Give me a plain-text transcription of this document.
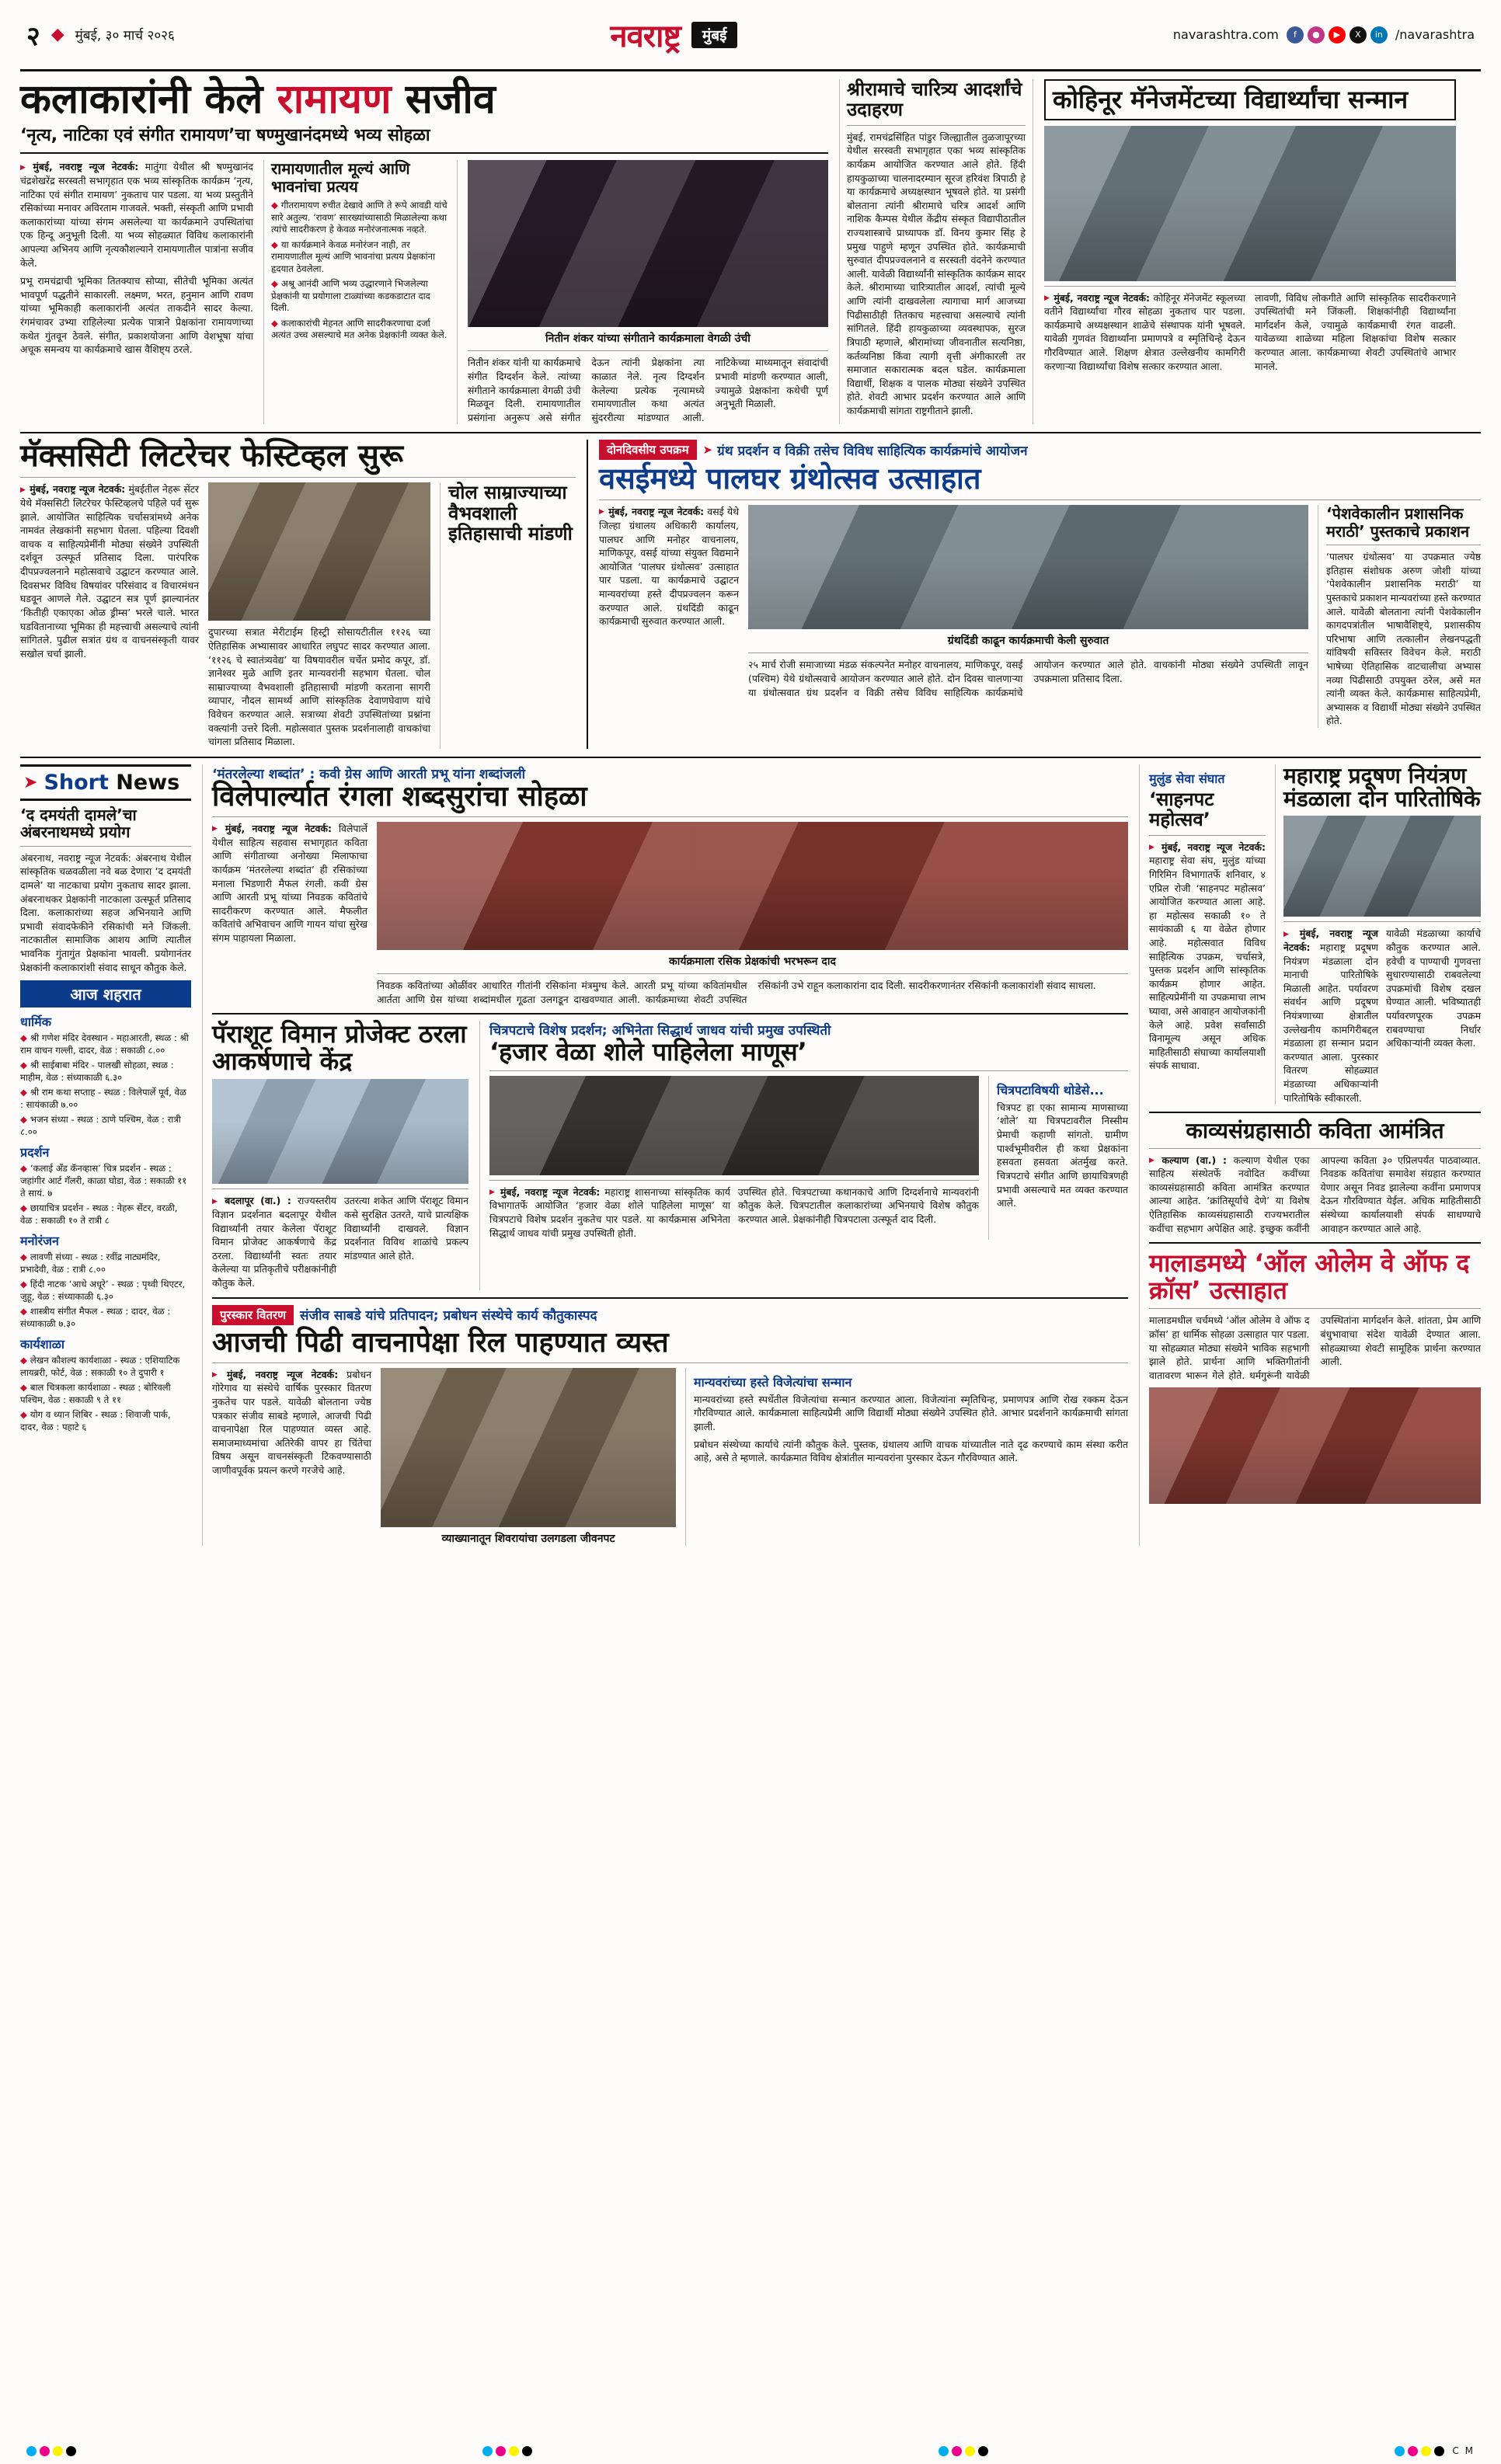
२ ◆ मुंबई, ३० मार्च २०२६	नवराष्ट्र	मुंबई	navarashtra.com	f	●	▶	X	in /navarashtra
कलाकारांनी केले रामायण सजीव
‘नृत्य, नाटिका एवं संगीत रामायण’चा षण्मुखानंदमध्ये भव्य सोहळा
▶ मुंबई, नवराष्ट्र न्यूज नेटवर्क: मातुंगा येथील श्री षण्मुखानंद चंद्रशेखरेंद्र सरस्वती सभागृहात एक भव्य सांस्कृतिक कार्यक्रम ‘नृत्य, नाटिका एवं संगीत रामायण’ नुकताच पार पडला. या भव्य प्रस्तुतीने रसिकांच्या मनावर अविरताम गाजवले. भक्ती, संस्कृती आणि प्रभावी कलाकारांच्या यांच्या संगम असलेल्या या कार्यक्रमाने उपस्थितांचा एक हिन्दू अनुभूती दिली. या भव्य सोहळ्यात विविध कलाकारांनी आपल्या अभिनय आणि नृत्यकौशल्याने रामायणातील पात्रांना सजीव केले.
प्रभू रामचंद्राची भूमिका तितक्याच सोप्या, सीतेची भूमिका अत्यंत भावपूर्ण पद्धतीने साकारली. लक्ष्मण, भरत, हनुमान आणि रावण यांच्या भूमिकाही कलाकारांनी अत्यंत ताकदीने सादर केल्या. रंगमंचावर उभ्या राहिलेल्या प्रत्येक पात्राने प्रेक्षकांना रामायणाच्या कथेत गुंतवून ठेवले. संगीत, प्रकाशयोजना आणि वेशभूषा यांचा अचूक समन्वय या कार्यक्रमाचे खास वैशिष्ट्य ठरले.
रामायणातील मूल्यं आणि भावनांचा प्रत्यय
◆ गीतरामायण रुचीत देखावे आणि ते रूपे आवडी यांचे सारे अतुल्य. ‘रावण’ सारख्यांच्यासाठी मिळालेल्या कथा त्यांचे सादरीकरण हे केवळ मनोरंजनात्मक नव्हते.
◆ या कार्यक्रमाने केवळ मनोरंजन नाही, तर रामायणातील मूल्यं आणि भावनांचा प्रत्यय प्रेक्षकांना हृदयात ठेवलेला.
◆ अश्रू आनंदी आणि भव्य उद्धारणाने भिजलेल्या प्रेक्षकांनी या प्रयोगाला टाळ्यांच्या कडकडाटात दाद दिली.
◆ कलाकारांची मेहनत आणि सादरीकरणाचा दर्जा अत्यंत उच्च असल्याचे मत अनेक प्रेक्षकांनी व्यक्त केले.	नितीन शंकर यांच्या संगीताने कार्यक्रमाला वेगळी उंची
नितीन शंकर यांनी या कार्यक्रमाचे संगीत दिग्दर्शन केले. त्यांच्या संगीताने कार्यक्रमाला वेगळी उंची मिळवून दिली. रामायणातील प्रसंगांना अनुरूप असे संगीत देऊन त्यांनी प्रेक्षकांना त्या काळात नेले. नृत्य दिग्दर्शन केलेल्या प्रत्येक नृत्यामध्ये रामायणातील कथा अत्यंत सुंदररीत्या मांडण्यात आली. नाटिकेच्या माध्यमातून संवादांची प्रभावी मांडणी करण्यात आली, ज्यामुळे प्रेक्षकांना कथेची पूर्ण अनुभूती मिळाली.
श्रीरामाचे चारित्र्य आदर्शांचे उदाहरण
मुंबई, रामचंद्रसिंहित पांडुर जिल्ह्यातील तुळजापूरच्या येथील सरस्वती सभागृहात एका भव्य सांस्कृतिक कार्यक्रम आयोजित करण्यात आले होते. हिंदी हायकुळाच्या चालनादरम्यान सूरज हरिवंश त्रिपाठी हे या कार्यक्रमाचे अध्यक्षस्थान भूषवले होते. या प्रसंगी बोलताना त्यांनी श्रीरामाचे चरित्र आदर्श आणि नाशिक कैम्पस येथील केंद्रीय संस्कृत विद्यापीठातील राज्यशास्त्राचे प्राध्यापक डॉ. विनय कुमार सिंह हे प्रमुख पाहुणे म्हणून उपस्थित होते. कार्यक्रमाची सुरुवात दीपप्रज्वलनाने व सरस्वती वंदनेने करण्यात आली. यावेळी विद्यार्थ्यांनी सांस्कृतिक कार्यक्रम सादर केले. श्रीरामाच्या चारित्र्यातील आदर्श, त्यांची मूल्ये आणि त्यांनी दाखवलेला त्यागाचा मार्ग आजच्या पिढीसाठीही तितकाच महत्त्वाचा असल्याचे त्यांनी सांगितले. हिंदी हायकुळाच्या व्यवस्थापक, सुरज त्रिपाठी म्हणाले, श्रीरामांच्या जीवनातील सत्यनिष्ठा, कर्तव्यनिष्ठा किंवा त्यागी वृत्ती अंगीकारली तर समाजात सकारात्मक बदल घडेल. कार्यक्रमाला विद्यार्थी, शिक्षक व पालक मोठ्या संख्येने उपस्थित होते. शेवटी आभार प्रदर्शन करण्यात आले आणि कार्यक्रमाची सांगता राष्ट्रगीताने झाली.
कोहिनूर मॅनेजमेंटच्या विद्यार्थ्यांचा सन्मान
▶ मुंबई, नवराष्ट्र न्यूज नेटवर्क: कोहिनूर मॅनेजमेंट स्कूलच्या वतीने विद्यार्थ्यांचा गौरव सोहळा नुकताच पार पडला. कार्यक्रमाचे अध्यक्षस्थान शाळेचे संस्थापक यांनी भूषवले. यावेळी गुणवंत विद्यार्थ्यांना प्रमाणपत्रे व स्मृतिचिन्हे देऊन गौरविण्यात आले. शिक्षण क्षेत्रात उल्लेखनीय कामगिरी करणाऱ्या विद्यार्थ्यांचा विशेष सत्कार करण्यात आला.
लावणी, विविध लोकगीते आणि सांस्कृतिक सादरीकरणाने उपस्थितांची मने जिंकली. शिक्षकांनीही विद्यार्थ्यांना मार्गदर्शन केले, ज्यामुळे कार्यक्रमाची रंगत वाढली. यावेळच्या शाळेच्या महिला शिक्षकांचा विशेष सत्कार करण्यात आला. कार्यक्रमाच्या शेवटी उपस्थितांचे आभार मानले.
मॅक्ससिटी लिटरेचर फेस्टिव्हल सुरू
▶ मुंबई, नवराष्ट्र न्यूज नेटवर्क: मुंबईतील नेहरू सेंटर येथे मॅक्ससिटी लिटरेचर फेस्टिव्हलचे पहिले पर्व सुरू झाले. आयोजित साहित्यिक चर्चासत्रांमध्ये अनेक नामवंत लेखकांनी सहभाग घेतला. पहिल्या दिवशी वाचक व साहित्यप्रेमींनी मोठ्या संख्येने उपस्थिती दर्शवून उत्स्फूर्त प्रतिसाद दिला. पारंपरिक दीपप्रज्वलनाने महोत्सवाचे उद्घाटन करण्यात आले. दिवसभर विविध विषयांवर परिसंवाद व विचारमंथन घडवून आणले गेले. उद्घाटन सत्र पूर्ण झाल्यानंतर ‘कितीही एकाएका ओळ ड्रीम्स’ भरले चाले. भारत घडवितानाच्या भूमिका ही महत्त्वाची असल्याचे त्यांनी सांगितले. पुढील सत्रांत ग्रंथ व वाचनसंस्कृती यावर सखोल चर्चा झाली.
दुपारच्या सत्रात मेरीटाईम हिस्ट्री सोसायटीतील ११२६ च्या ऐतिहासिक अभ्यासावर आधारित लघुपट सादर करण्यात आला. ‘११२६ चे स्वातंत्र्यवेद्य’ या विषयावरील चर्चेत प्रमोद कपूर, डॉ. ज्ञानेश्वर मुळे आणि इतर मान्यवरांनी सहभाग घेतला. चोल साम्राज्याच्या वैभवशाली इतिहासाची मांडणी करताना सागरी व्यापार, नौदल सामर्थ्य आणि सांस्कृतिक देवाणघेवाण यांचे विवेचन करण्यात आले. सत्राच्या शेवटी उपस्थितांच्या प्रश्नांना वक्त्यांनी उत्तरे दिली. महोत्सवात पुस्तक प्रदर्शनालाही वाचकांचा चांगला प्रतिसाद मिळाला.
चोल साम्राज्याच्या वैभवशाली इतिहासाची मांडणी
दोनदिवसीय उपक्रम	➤ ग्रंथ प्रदर्शन व विक्री तसेच विविध साहित्यिक कार्यक्रमांचे आयोजन
वसईमध्ये पालघर ग्रंथोत्सव उत्साहात
▶ मुंबई, नवराष्ट्र न्यूज नेटवर्क: वसई येथे जिल्हा ग्रंथालय अधिकारी कार्यालय, पालघर आणि मनोहर वाचनालय, माणिकपूर, वसई यांच्या संयुक्त विद्यमाने आयोजित ‘पालघर ग्रंथोत्सव’ उत्साहात पार पडला. या कार्यक्रमाचे उद्घाटन मान्यवरांच्या हस्ते दीपप्रज्वलन करून करण्यात आले. ग्रंथदिंडी काढून कार्यक्रमाची सुरुवात करण्यात आली.
ग्रंथदिंडी काढून कार्यक्रमाची केली सुरुवात
२५ मार्च रोजी समाजाच्या मंडळ संकल्पनेत मनोहर वाचनालय, माणिकपूर, वसई (पश्चिम) येथे ग्रंथोत्सवाचे आयोजन करण्यात आले होते. दोन दिवस चालणाऱ्या या ग्रंथोत्सवात ग्रंथ प्रदर्शन व विक्री तसेच विविध साहित्यिक कार्यक्रमांचे आयोजन करण्यात आले होते. वाचकांनी मोठ्या संख्येने उपस्थिती लावून उपक्रमाला प्रतिसाद दिला.
‘पेशवेकालीन प्रशासनिक मराठी’ पुस्तकाचे प्रकाशन
‘पालघर ग्रंथोत्सव’ या उपक्रमात ज्येष्ठ इतिहास संशोधक अरुण जोशी यांच्या ‘पेशवेकालीन प्रशासनिक मराठी’ या पुस्तकाचे प्रकाशन मान्यवरांच्या हस्ते करण्यात आले. यावेळी बोलताना त्यांनी पेशवेकालीन कागदपत्रांतील भाषावैशिष्ट्ये, प्रशासकीय परिभाषा आणि तत्कालीन लेखनपद्धती यांविषयी सविस्तर विवेचन केले. मराठी भाषेच्या ऐतिहासिक वाटचालीचा अभ्यास नव्या पिढीसाठी उपयुक्त ठरेल, असे मत त्यांनी व्यक्त केले. कार्यक्रमास साहित्यप्रेमी, अभ्यासक व विद्यार्थी मोठ्या संख्येने उपस्थित होते.
➤ Short News
‘द दमयंती दामले’चा अंबरनाथमध्ये प्रयोग
अंबरनाथ, नवराष्ट्र न्यूज नेटवर्क: अंबरनाथ येथील सांस्कृतिक चळवळीला नवे बळ देणारा ‘द दमयंती दामले’ या नाटकाचा प्रयोग नुकताच सादर झाला. अंबरनाथकर प्रेक्षकांनी नाटकाला उत्स्फूर्त प्रतिसाद दिला. कलाकारांच्या सहज अभिनयाने आणि प्रभावी संवादफेकीने रसिकांची मने जिंकली. नाटकातील सामाजिक आशय आणि त्यातील भावनिक गुंतागुंत प्रेक्षकांना भावली. प्रयोगानंतर प्रेक्षकांनी कलाकारांशी संवाद साधून कौतुक केले.
आज शहरात
धार्मिक
◆ श्री गणेश मंदिर देवस्थान - महाआरती, स्थळ : श्री राम वाचन गल्ली, दादर, वेळ : सकाळी ८.००
◆ श्री साईबाबा मंदिर - पालखी सोहळा, स्थळ : माहीम, वेळ : संध्याकाळी ६.३०
◆ श्री राम कथा सप्ताह - स्थळ : विलेपार्ले पूर्व, वेळ : सायंकाळी ७.००
◆ भजन संध्या - स्थळ : ठाणे पश्चिम, वेळ : रात्री ८.००
प्रदर्शन
◆ ‘कलाई अँड कॅनव्हास’ चित्र प्रदर्शन - स्थळ : जहांगीर आर्ट गॅलरी, काळा घोडा, वेळ : सकाळी ११ ते सायं. ७
◆ छायाचित्र प्रदर्शन - स्थळ : नेहरू सेंटर, वरळी, वेळ : सकाळी १० ते रात्री ८
मनोरंजन
◆ लावणी संध्या - स्थळ : रवींद्र नाट्यमंदिर, प्रभादेवी, वेळ : रात्री ८.००
◆ हिंदी नाटक ‘आधे अधूरे’ - स्थळ : पृथ्वी थिएटर, जुहू, वेळ : संध्याकाळी ६.३०
◆ शास्त्रीय संगीत मैफल - स्थळ : दादर, वेळ : संध्याकाळी ७.३०
कार्यशाळा
◆ लेखन कौशल्य कार्यशाळा - स्थळ : एशियाटिक लायब्ररी, फोर्ट, वेळ : सकाळी १० ते दुपारी १
◆ बाल चित्रकला कार्यशाळा - स्थळ : बोरिवली पश्चिम, वेळ : सकाळी ९ ते ११
◆ योग व ध्यान शिबिर - स्थळ : शिवाजी पार्क, दादर, वेळ : पहाटे ६
‘मंतरलेल्या शब्दांत’ : कवी ग्रेस आणि आरती प्रभू यांना शब्दांजली
विलेपार्ल्यात रंगला शब्दसुरांचा सोहळा
▶ मुंबई, नवराष्ट्र न्यूज नेटवर्क: विलेपार्ले येथील साहित्य सहवास सभागृहात कविता आणि संगीताच्या अनोख्या मिलाफाचा कार्यक्रम ‘मंतरलेल्या शब्दांत’ ही रसिकांच्या मनाला भिडणारी मैफल रंगली. कवी ग्रेस आणि आरती प्रभू यांच्या निवडक कवितांचे सादरीकरण करण्यात आले. मैफलीत कवितांचे अभिवाचन आणि गायन यांचा सुरेख संगम पाहायला मिळाला.
कार्यक्रमाला रसिक प्रेक्षकांची भरभरून दाद
निवडक कवितांच्या ओळींवर आधारित गीतांनी रसिकांना मंत्रमुग्ध केले. आरती प्रभू यांच्या कवितांमधील आर्तता आणि ग्रेस यांच्या शब्दांमधील गूढता उलगडून दाखवण्यात आली. कार्यक्रमाच्या शेवटी उपस्थित रसिकांनी उभे राहून कलाकारांना दाद दिली. सादरीकरणानंतर रसिकांनी कलाकारांशी संवाद साधला.
पॅराशूट विमान प्रोजेक्ट ठरला आकर्षणाचे केंद्र
▶ बदलापूर (वा.) : राज्यस्तरीय विज्ञान प्रदर्शनात बदलापूर येथील विद्यार्थ्यांनी तयार केलेला पॅराशूट विमान प्रोजेक्ट आकर्षणाचे केंद्र ठरला. विद्यार्थ्यांनी स्वतः तयार केलेल्या या प्रतिकृतीचे परीक्षकांनीही कौतुक केले.
उतरत्या शकेत आणि पॅराशूट विमान कसे सुरक्षित उतरते, याचे प्रात्यक्षिक विद्यार्थ्यांनी दाखवले. विज्ञान प्रदर्शनात विविध शाळांचे प्रकल्प मांडण्यात आले होते.
चित्रपटाचे विशेष प्रदर्शन; अभिनेता सिद्धार्थ जाधव यांची प्रमुख उपस्थिती
‘हजार वेळा शोले पाहिलेला माणूस’
▶ मुंबई, नवराष्ट्र न्यूज नेटवर्क: महाराष्ट्र शासनाच्या सांस्कृतिक कार्य विभागातर्फे आयोजित ‘हजार वेळा शोले पाहिलेला माणूस’ या चित्रपटाचे विशेष प्रदर्शन नुकतेच पार पडले. या कार्यक्रमास अभिनेता सिद्धार्थ जाधव यांची प्रमुख उपस्थिती होती.
उपस्थित होते. चित्रपटाच्या कथानकाचे आणि दिग्दर्शनाचे मान्यवरांनी कौतुक केले. चित्रपटातील कलाकारांच्या अभिनयाचे विशेष कौतुक करण्यात आले. प्रेक्षकांनीही चित्रपटाला उत्स्फूर्त दाद दिली.
चित्रपटाविषयी थोडेसे...
चित्रपट हा एका सामान्य माणसाच्या ‘शोले’ या चित्रपटावरील निस्सीम प्रेमाची कहाणी सांगतो. ग्रामीण पार्श्वभूमीवरील ही कथा प्रेक्षकांना हसवता हसवता अंतर्मुख करते. चित्रपटाचे संगीत आणि छायाचित्रणही प्रभावी असल्याचे मत व्यक्त करण्यात आले.
पुरस्कार वितरण	संजीव साबडे यांचे प्रतिपादन; प्रबोधन संस्थेचे कार्य कौतुकास्पद
आजची पिढी वाचनापेक्षा रिल पाहण्यात व्यस्त
▶ मुंबई, नवराष्ट्र न्यूज नेटवर्क: प्रबोधन गोरेगाव या संस्थेचे वार्षिक पुरस्कार वितरण नुकतेच पार पडले. यावेळी बोलताना ज्येष्ठ पत्रकार संजीव साबडे म्हणाले, आजची पिढी वाचनापेक्षा रिल पाहण्यात व्यस्त आहे. समाजमाध्यमांचा अतिरेकी वापर हा चिंतेचा विषय असून वाचनसंस्कृती टिकवण्यासाठी जाणीवपूर्वक प्रयत्न करणे गरजेचे आहे.
व्याख्यानातून शिवरायांचा उलगडला जीवनपट
मान्यवरांच्या हस्ते विजेत्यांचा सन्मान
मान्यवरांच्या हस्ते स्पर्धेतील विजेत्यांचा सन्मान करण्यात आला. विजेत्यांना स्मृतिचिन्ह, प्रमाणपत्र आणि रोख रक्कम देऊन गौरविण्यात आले. कार्यक्रमाला साहित्यप्रेमी आणि विद्यार्थी मोठ्या संख्येने उपस्थित होते. आभार प्रदर्शनाने कार्यक्रमाची सांगता झाली.
प्रबोधन संस्थेच्या कार्याचे त्यांनी कौतुक केले. पुस्तक, ग्रंथालय आणि वाचक यांच्यातील नाते दृढ करण्याचे काम संस्था करीत आहे, असे ते म्हणाले. कार्यक्रमात विविध क्षेत्रांतील मान्यवरांना पुरस्कार देऊन गौरविण्यात आले.
मुलुंड सेवा संघात
‘साहनपट महोत्सव’
▶ मुंबई, नवराष्ट्र न्यूज नेटवर्क: महाराष्ट्र सेवा संघ, मुलुंड यांच्या गिरिमिन विभागातर्फे शनिवार, ४ एप्रिल रोजी ‘साहनपट महोत्सव’ आयोजित करण्यात आला आहे. हा महोत्सव सकाळी १० ते सायंकाळी ६ या वेळेत होणार आहे. महोत्सवात विविध साहित्यिक उपक्रम, चर्चासत्रे, पुस्तक प्रदर्शन आणि सांस्कृतिक कार्यक्रम होणार आहेत. साहित्यप्रेमींनी या उपक्रमाचा लाभ घ्यावा, असे आवाहन आयोजकांनी केले आहे. प्रवेश सर्वांसाठी विनामूल्य असून अधिक माहितीसाठी संघाच्या कार्यालयाशी संपर्क साधावा.
महाराष्ट्र प्रदूषण नियंत्रण मंडळाला दोन पारितोषिके
▶ मुंबई, नवराष्ट्र न्यूज नेटवर्क: महाराष्ट्र प्रदूषण नियंत्रण मंडळाला दोन मानाची पारितोषिके मिळाली आहेत. पर्यावरण संवर्धन आणि प्रदूषण नियंत्रणाच्या क्षेत्रातील उल्लेखनीय कामगिरीबद्दल मंडळाला हा सन्मान प्रदान करण्यात आला. पुरस्कार वितरण सोहळ्यात मंडळाच्या अधिकाऱ्यांनी पारितोषिके स्वीकारली.
यावेळी मंडळाच्या कार्याचे कौतुक करण्यात आले. हवेची व पाण्याची गुणवत्ता सुधारण्यासाठी राबवलेल्या उपक्रमांची विशेष दखल घेण्यात आली. भविष्यातही पर्यावरणपूरक उपक्रम राबवण्याचा निर्धार अधिकाऱ्यांनी व्यक्त केला.
काव्यसंग्रहासाठी कविता आमंत्रित
▶ कल्याण (वा.) : कल्याण येथील एका साहित्य संस्थेतर्फे नवोदित कवींच्या काव्यसंग्रहासाठी कविता आमंत्रित करण्यात आल्या आहेत. ‘क्रांतिसूर्याचे देणे’ या विशेष ऐतिहासिक काव्यसंग्रहासाठी राज्यभरातील कवींचा सहभाग अपेक्षित आहे. इच्छुक कवींनी आपल्या कविता ३० एप्रिलपर्यंत पाठवाव्यात. निवडक कवितांचा समावेश संग्रहात करण्यात येणार असून निवड झालेल्या कवींना प्रमाणपत्र देऊन गौरविण्यात येईल. अधिक माहितीसाठी संस्थेच्या कार्यालयाशी संपर्क साधण्याचे आवाहन करण्यात आले आहे.
मालाडमध्ये ‘ऑल ओलेम वे ऑफ द क्रॉस’ उत्साहात
मालाडमधील चर्चमध्ये ‘ऑल ओलेम वे ऑफ द क्रॉस’ हा धार्मिक सोहळा उत्साहात पार पडला. या सोहळ्यात मोठ्या संख्येने भाविक सहभागी झाले होते. प्रार्थना आणि भक्तिगीतांनी वातावरण भारून गेले होते. धर्मगुरूंनी यावेळी उपस्थितांना मार्गदर्शन केले. शांतता, प्रेम आणि बंधुभावाचा संदेश यावेळी देण्यात आला. सोहळ्याच्या शेवटी सामूहिक प्रार्थना करण्यात आली.
C M
